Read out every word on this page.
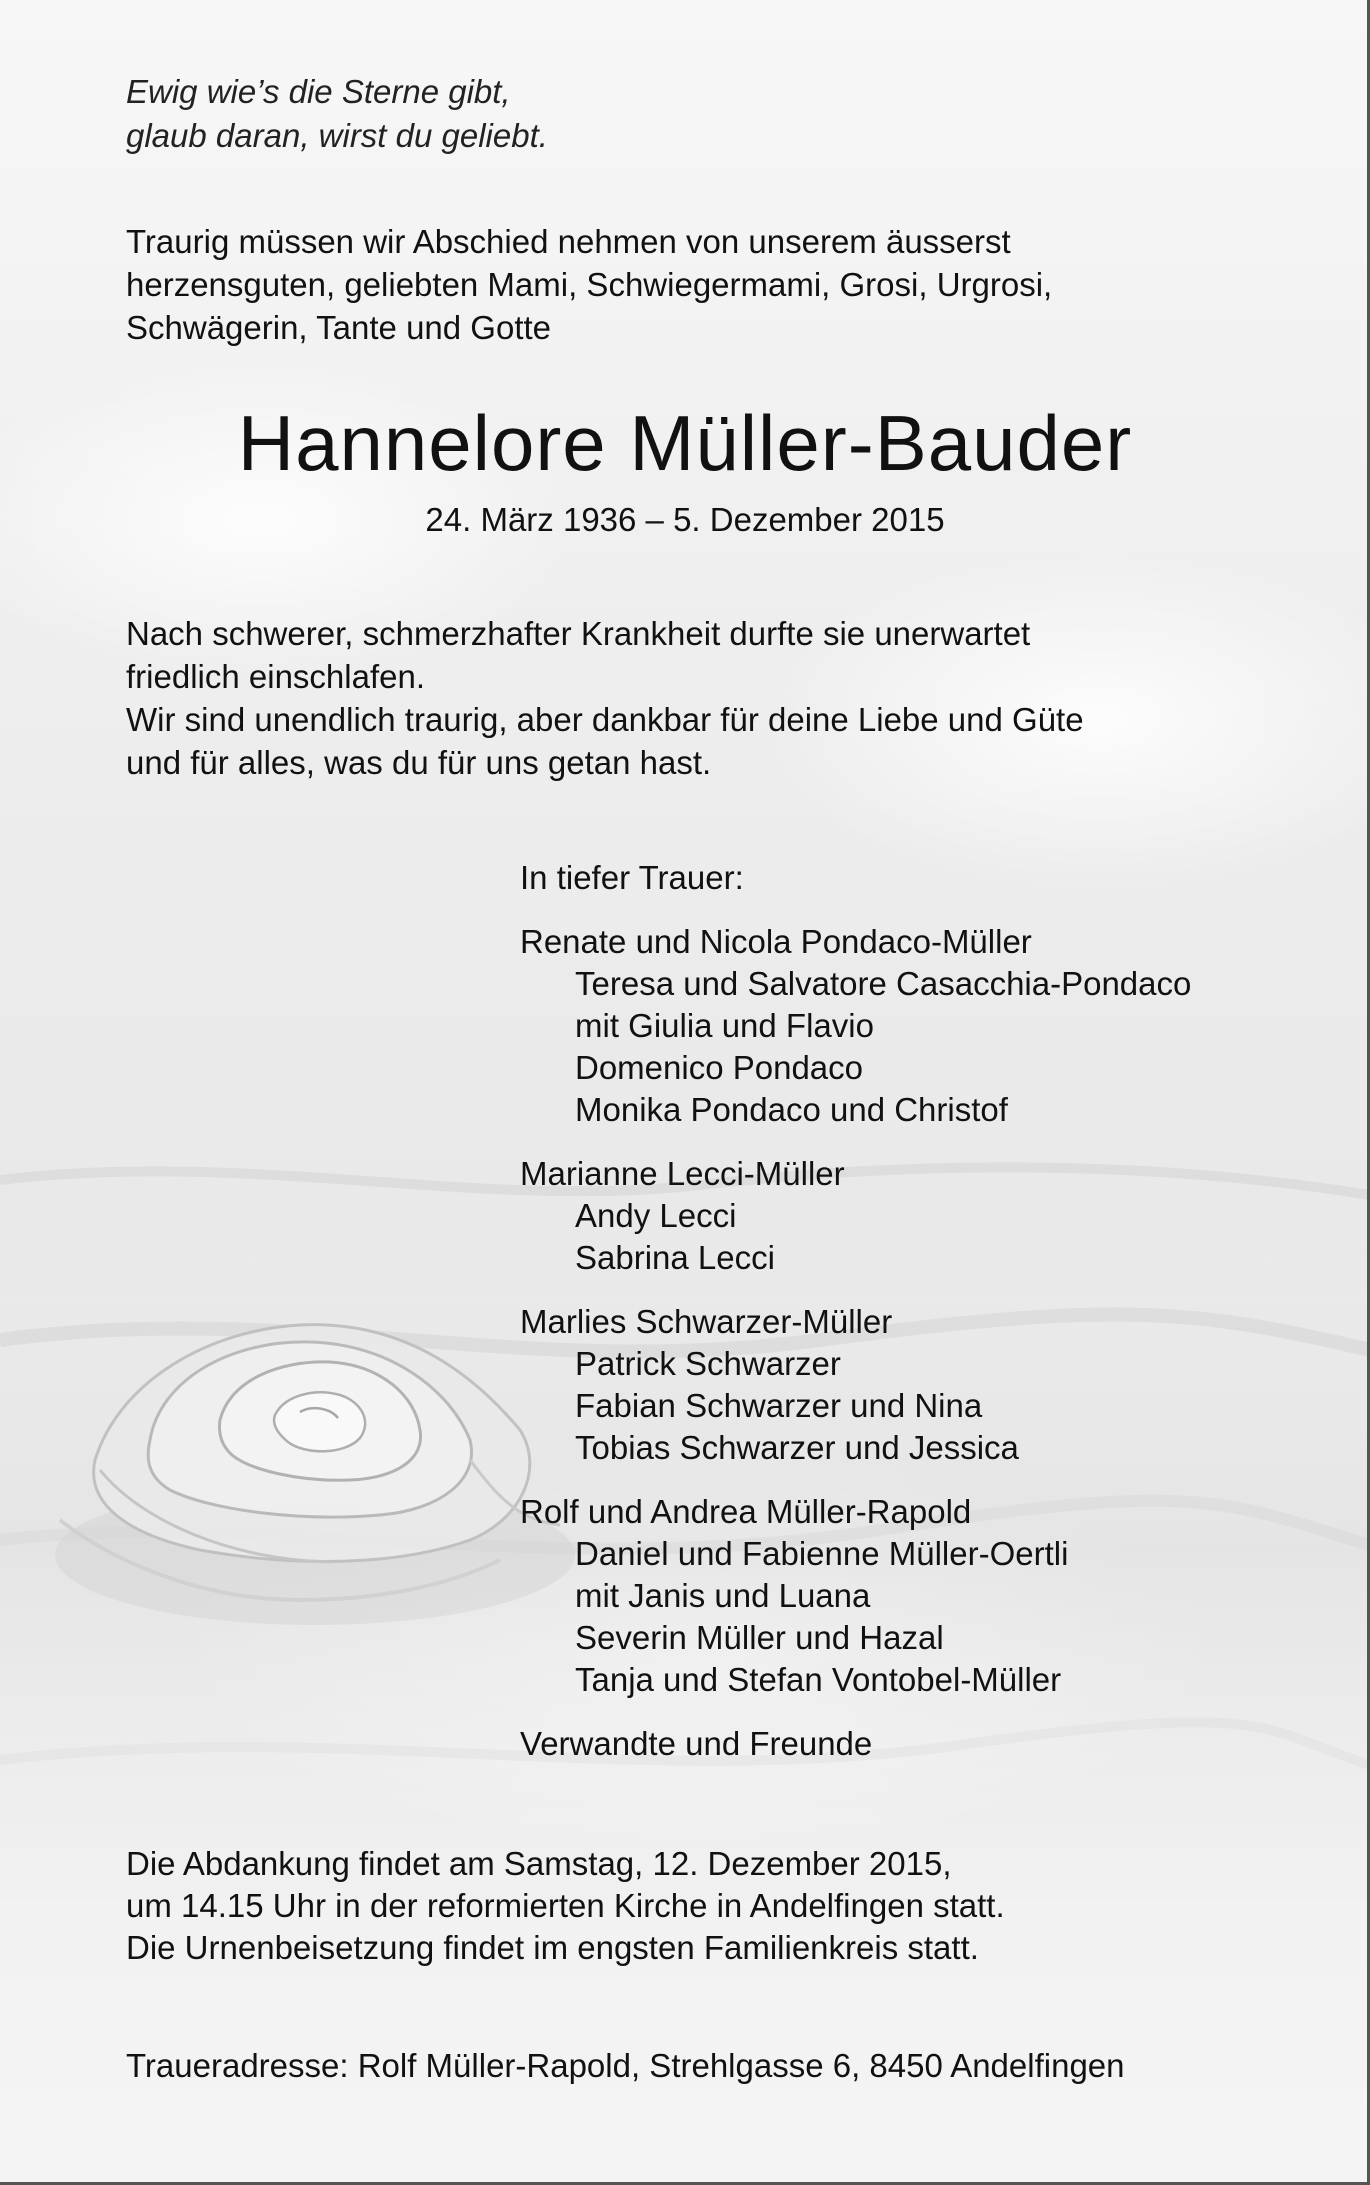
Ewig wie’s die Sterne gibt,
glaub daran, wirst du geliebt.
Traurig müssen wir Abschied nehmen von unserem äusserst
herzensguten, geliebten Mami, Schwiegermami, Grosi, Urgrosi,
Schwägerin, Tante und Gotte
Hannelore Müller-Bauder
24. März 1936 – 5. Dezember 2015
Nach schwerer, schmerzhafter Krankheit durfte sie unerwartet
friedlich einschlafen.
Wir sind unendlich traurig, aber dankbar für deine Liebe und Güte
und für alles, was du für uns getan hast.
In tiefer Trauer:
Renate und Nicola Pondaco-Müller
Teresa und Salvatore Casacchia-Pondaco
mit Giulia und Flavio
Domenico Pondaco
Monika Pondaco und Christof
Marianne Lecci-Müller
Andy Lecci
Sabrina Lecci
Marlies Schwarzer-Müller
Patrick Schwarzer
Fabian Schwarzer und Nina
Tobias Schwarzer und Jessica
Rolf und Andrea Müller-Rapold
Daniel und Fabienne Müller-Oertli
mit Janis und Luana
Severin Müller und Hazal
Tanja und Stefan Vontobel-Müller
Verwandte und Freunde
Die Abdankung findet am Samstag, 12. Dezember 2015,
um 14.15 Uhr in der reformierten Kirche in Andelfingen statt.
Die Urnenbeisetzung findet im engsten Familienkreis statt.
Traueradresse: Rolf Müller-Rapold, Strehlgasse 6, 8450 Andelfingen
